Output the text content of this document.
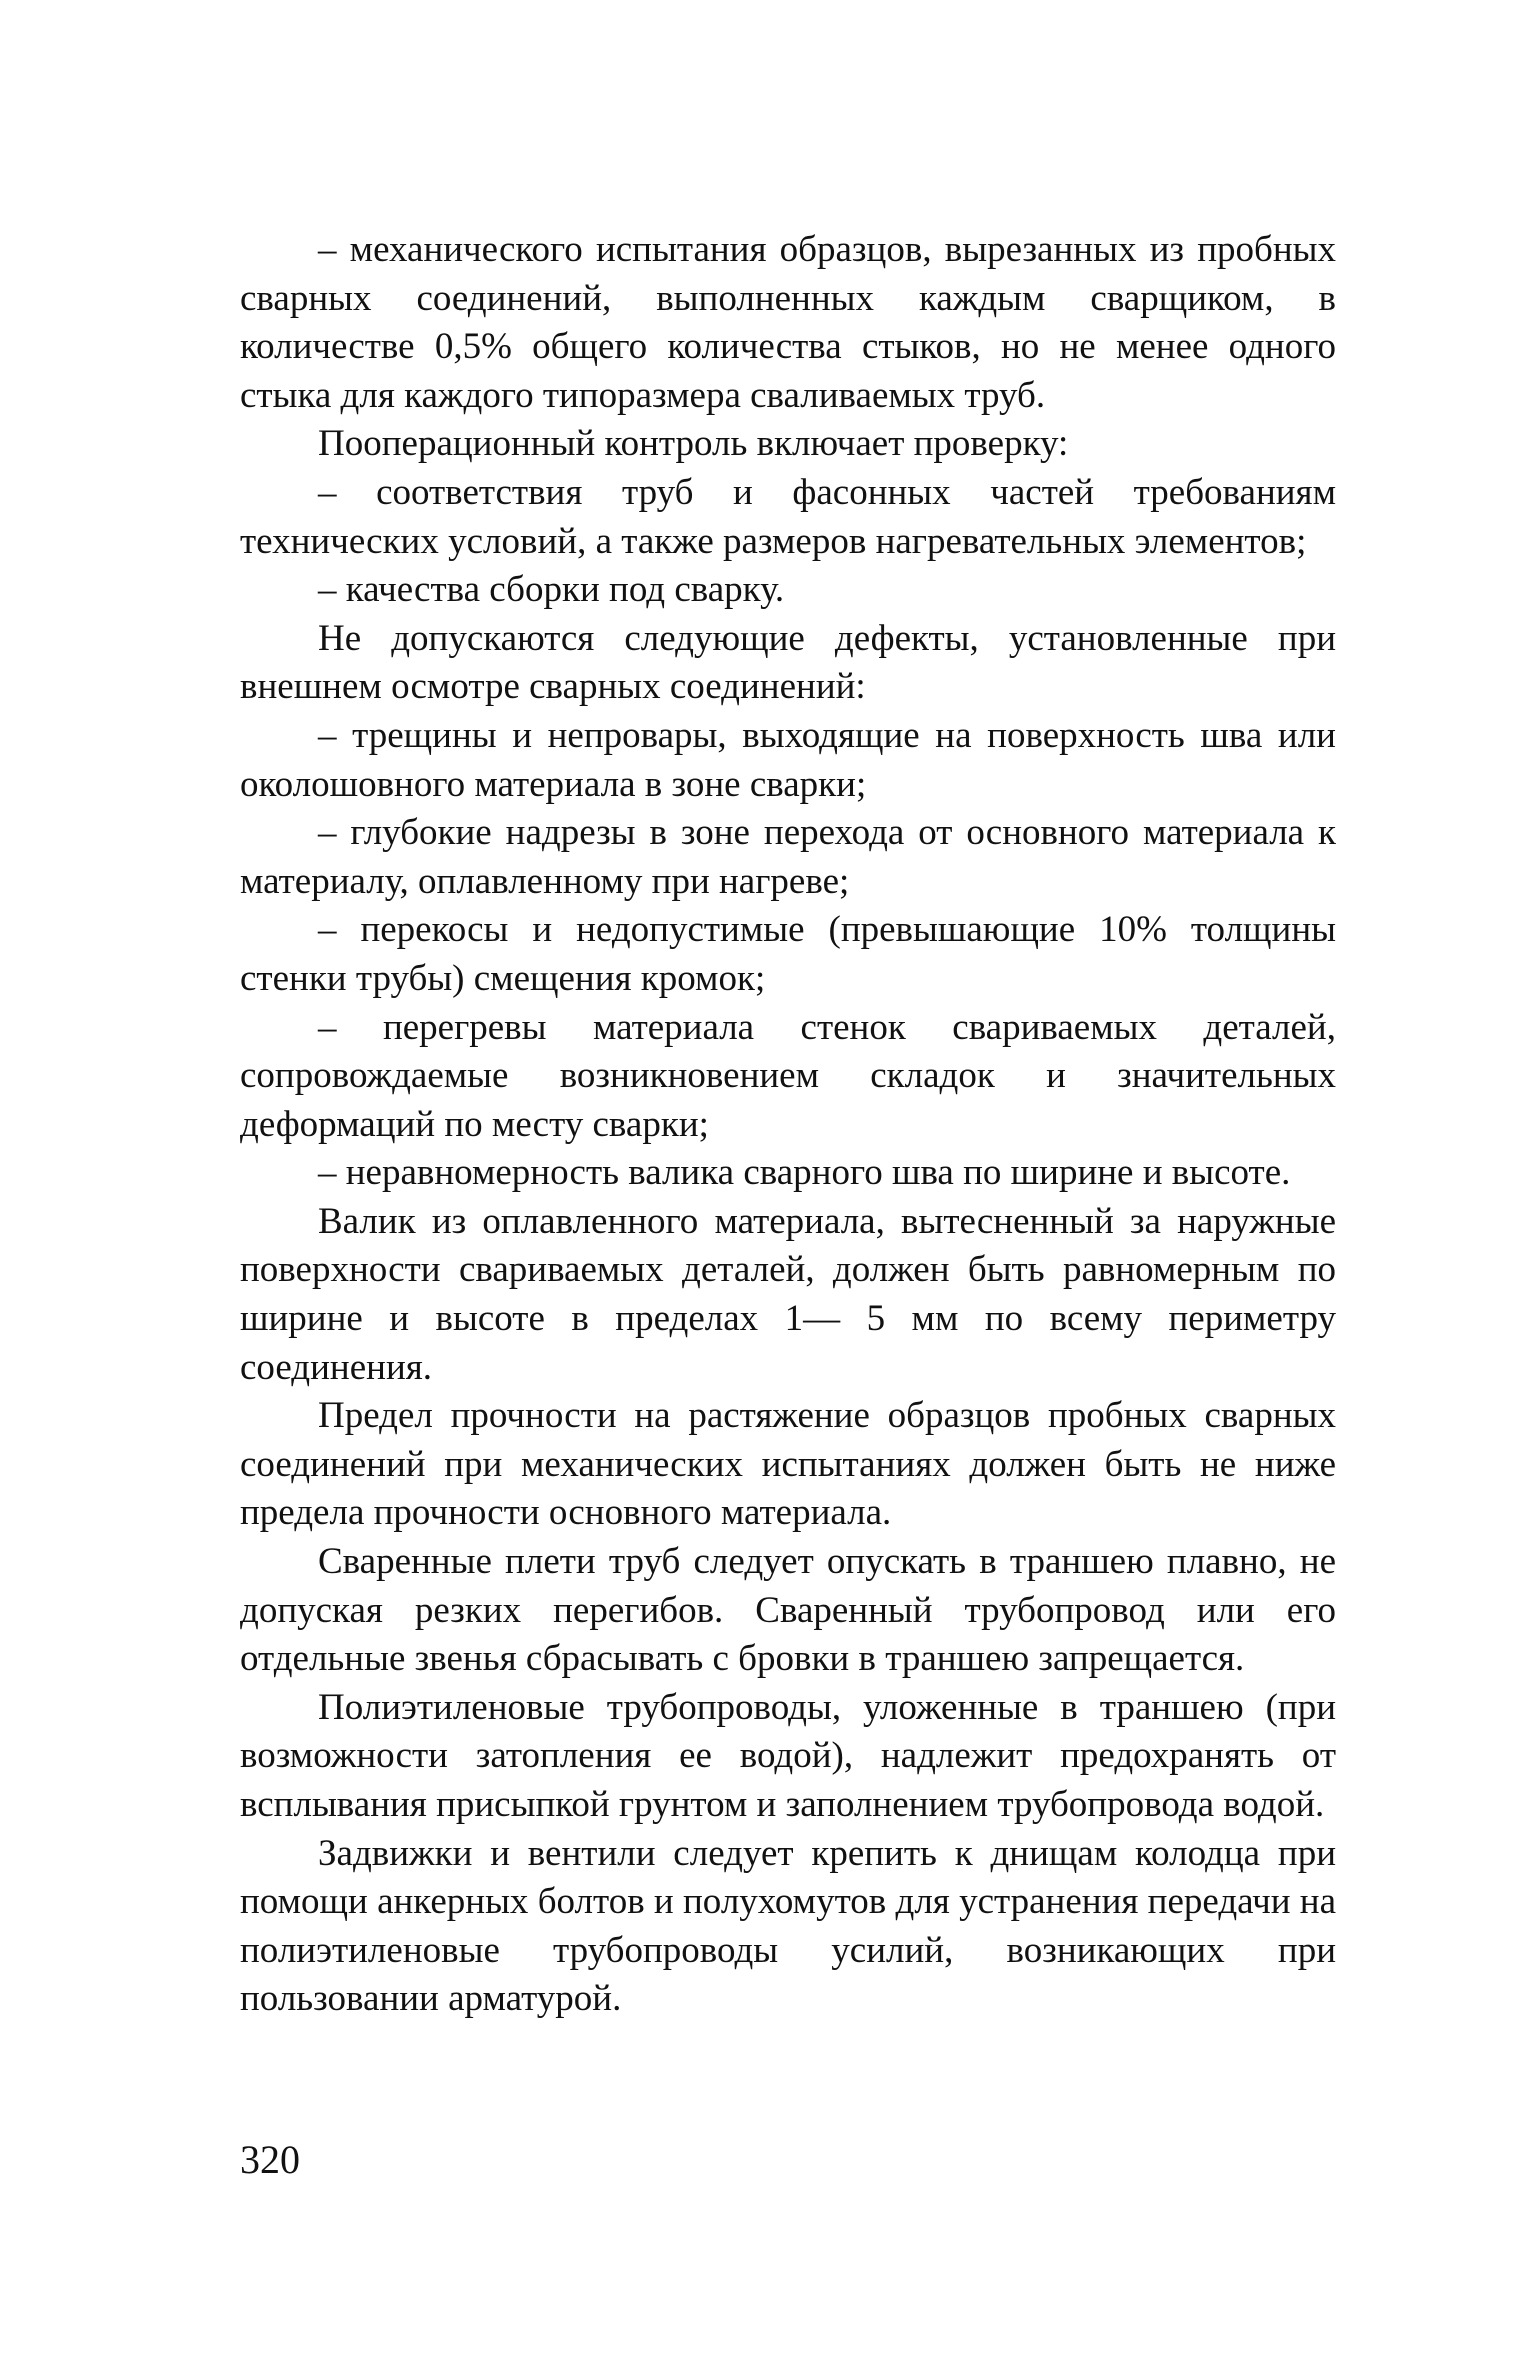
– механического испытания образцов, вырезанных из пробных сварных соединений, выполненных каждым сварщиком, в количестве 0,5% общего количества стыков, но не менее одного стыка для каждого типоразмера сваливаемых труб.

Пооперационный контроль включает проверку:

– соответствия труб и фасонных частей требованиям технических условий, а также размеров нагревательных элементов;

– качества сборки под сварку.

Не допускаются следующие дефекты, установленные при внешнем осмотре сварных соединений:

– трещины и непровары, выходящие на поверхность шва или околошовного материала в зоне сварки;

– глубокие надрезы в зоне перехода от основного материала к материалу, оплавленному при нагреве;

– перекосы и недопустимые (превышающие 10% толщины стенки трубы) смещения кромок;

– перегревы материала стенок свариваемых деталей, сопровождаемые возникновением складок и значительных деформаций по месту сварки;

– неравномерность валика сварного шва по ширине и высоте.

Валик из оплавленного материала, вытесненный за наружные поверхности свариваемых деталей, должен быть равномерным по ширине и высоте в пределах 1— 5 мм по всему периметру соединения.

Предел прочности на растяжение образцов пробных сварных соединений при механических испытаниях должен быть не ниже предела прочности основного материала.

Сваренные плети труб следует опускать в траншею плавно, не допуская резких перегибов. Сваренный трубопровод или его отдельные звенья сбрасывать с бровки в траншею запрещается.

Полиэтиленовые трубопроводы, уложенные в траншею (при возможности затопления ее водой), надлежит предохранять от всплывания присыпкой грунтом и заполнением трубопровода водой.

Задвижки и вентили следует крепить к днищам колодца при помощи анкерных болтов и полухомутов для устранения передачи на полиэтиленовые трубопроводы усилий, возникающих при пользовании арматурой.

320
